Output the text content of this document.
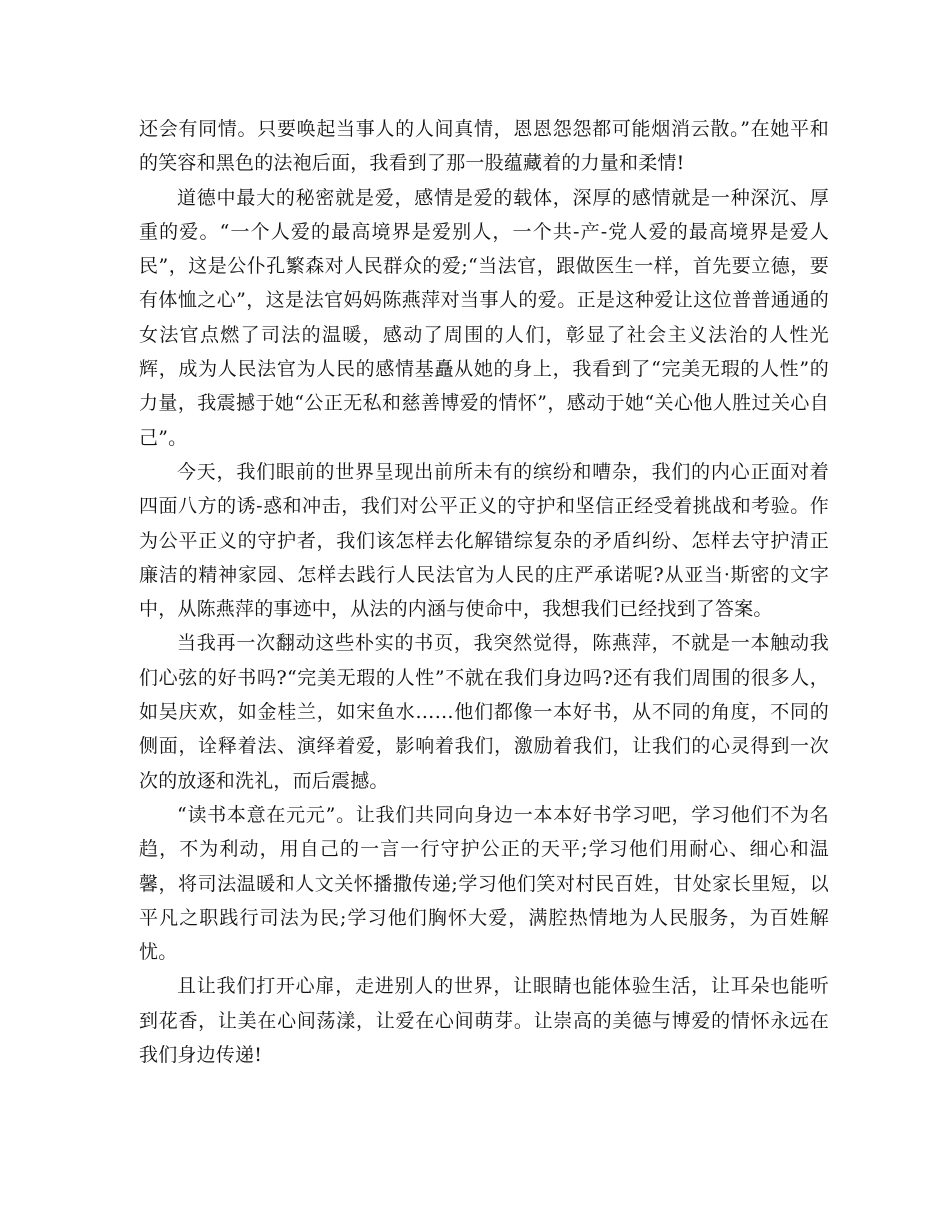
还会有同情。只要唤起当事人的人间真情，恩恩怨怨都可能烟消云散。”在她平和的笑容和黑色的法袍后面，我看到了那一股蕴藏着的力量和柔情!

道德中最大的秘密就是爱，感情是爱的载体，深厚的感情就是一种深沉、厚重的爱。“一个人爱的最高境界是爱别人，一个共-产-党人爱的最高境界是爱人民”，这是公仆孔繁森对人民群众的爱;“当法官，跟做医生一样，首先要立德，要有体恤之心”，这是法官妈妈陈燕萍对当事人的爱。正是这种爱让这位普普通通的女法官点燃了司法的温暖，感动了周围的人们，彰显了社会主义法治的人性光辉，成为人民法官为人民的感情基矗从她的身上，我看到了“完美无瑕的人性”的力量，我震撼于她“公正无私和慈善博爱的情怀”，感动于她“关心他人胜过关心自己”。

今天，我们眼前的世界呈现出前所未有的缤纷和嘈杂，我们的内心正面对着四面八方的诱-惑和冲击，我们对公平正义的守护和坚信正经受着挑战和考验。作为公平正义的守护者，我们该怎样去化解错综复杂的矛盾纠纷、怎样去守护清正廉洁的精神家园、怎样去践行人民法官为人民的庄严承诺呢?从亚当·斯密的文字中，从陈燕萍的事迹中，从法的内涵与使命中，我想我们已经找到了答案。

当我再一次翻动这些朴实的书页，我突然觉得，陈燕萍，不就是一本触动我们心弦的好书吗?“完美无瑕的人性”不就在我们身边吗?还有我们周围的很多人，如吴庆欢，如金桂兰，如宋鱼水……他们都像一本好书，从不同的角度，不同的侧面，诠释着法、演绎着爱，影响着我们，激励着我们，让我们的心灵得到一次次的放逐和洗礼，而后震撼。

“读书本意在元元”。让我们共同向身边一本本好书学习吧，学习他们不为名趋，不为利动，用自己的一言一行守护公正的天平;学习他们用耐心、细心和温馨，将司法温暖和人文关怀播撒传递;学习他们笑对村民百姓，甘处家长里短，以平凡之职践行司法为民;学习他们胸怀大爱，满腔热情地为人民服务，为百姓解忧。

且让我们打开心扉，走进别人的世界，让眼睛也能体验生活，让耳朵也能听到花香，让美在心间荡漾，让爱在心间萌芽。让崇高的美德与博爱的情怀永远在我们身边传递!
